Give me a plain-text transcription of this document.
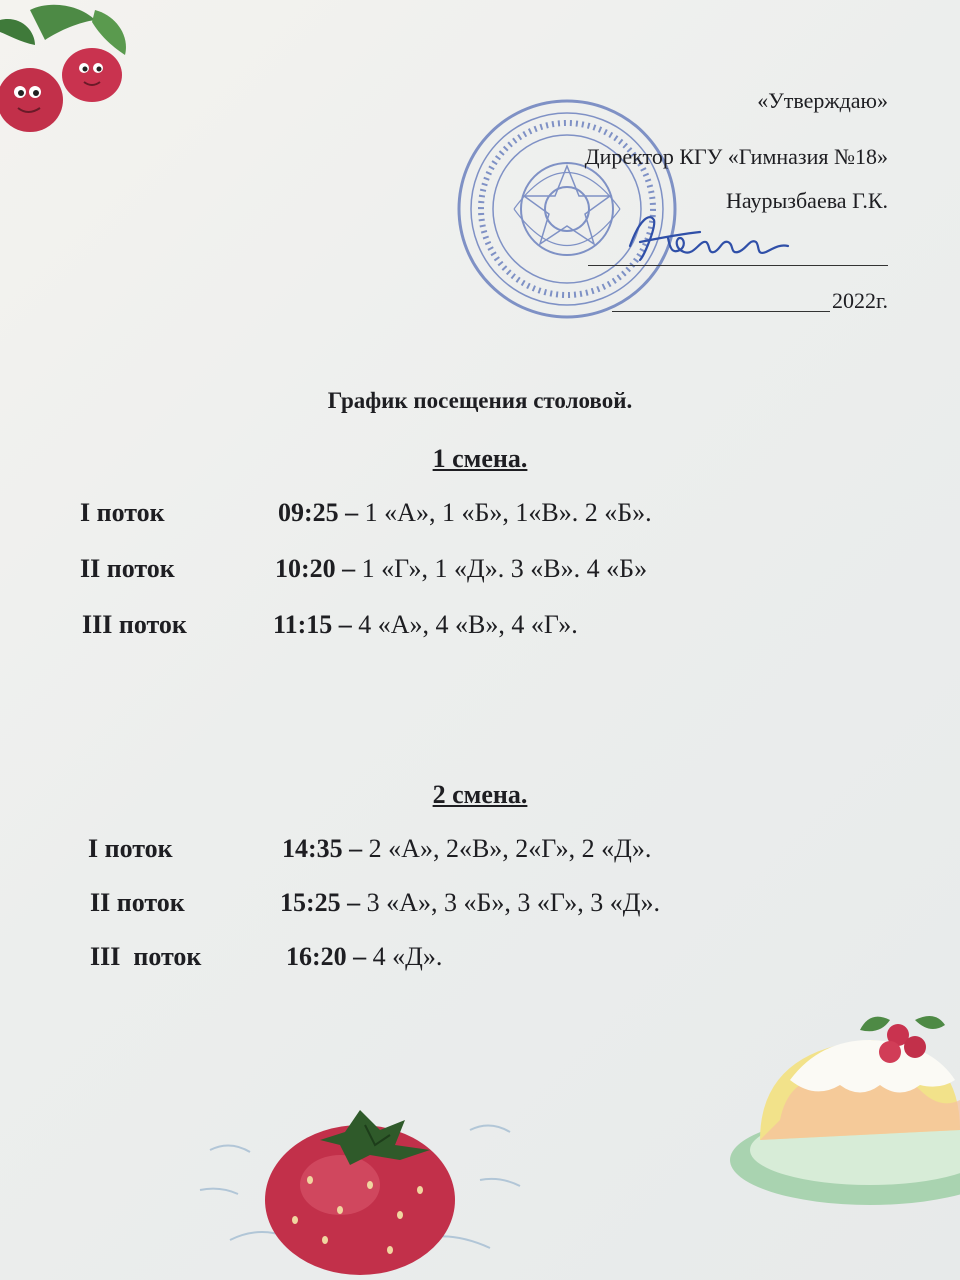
«Утверждаю»
Директор КГУ «Гимназия №18»
Наурызбаева Г.К.
2022г.
График посещения столовой.
1 смена.
I поток	09:25 – 1 «А», 1 «Б», 1«В». 2 «Б».
II поток	10:20 – 1 «Г», 1 «Д». 3 «В». 4 «Б»
III поток	11:15 – 4 «А», 4 «В», 4 «Г».
2 смена.
I поток	14:35 – 2 «А», 2«В», 2«Г», 2 «Д».
II поток	15:25 – 3 «А», 3 «Б», 3 «Г», 3 «Д».
III  поток	16:20 – 4 «Д».
